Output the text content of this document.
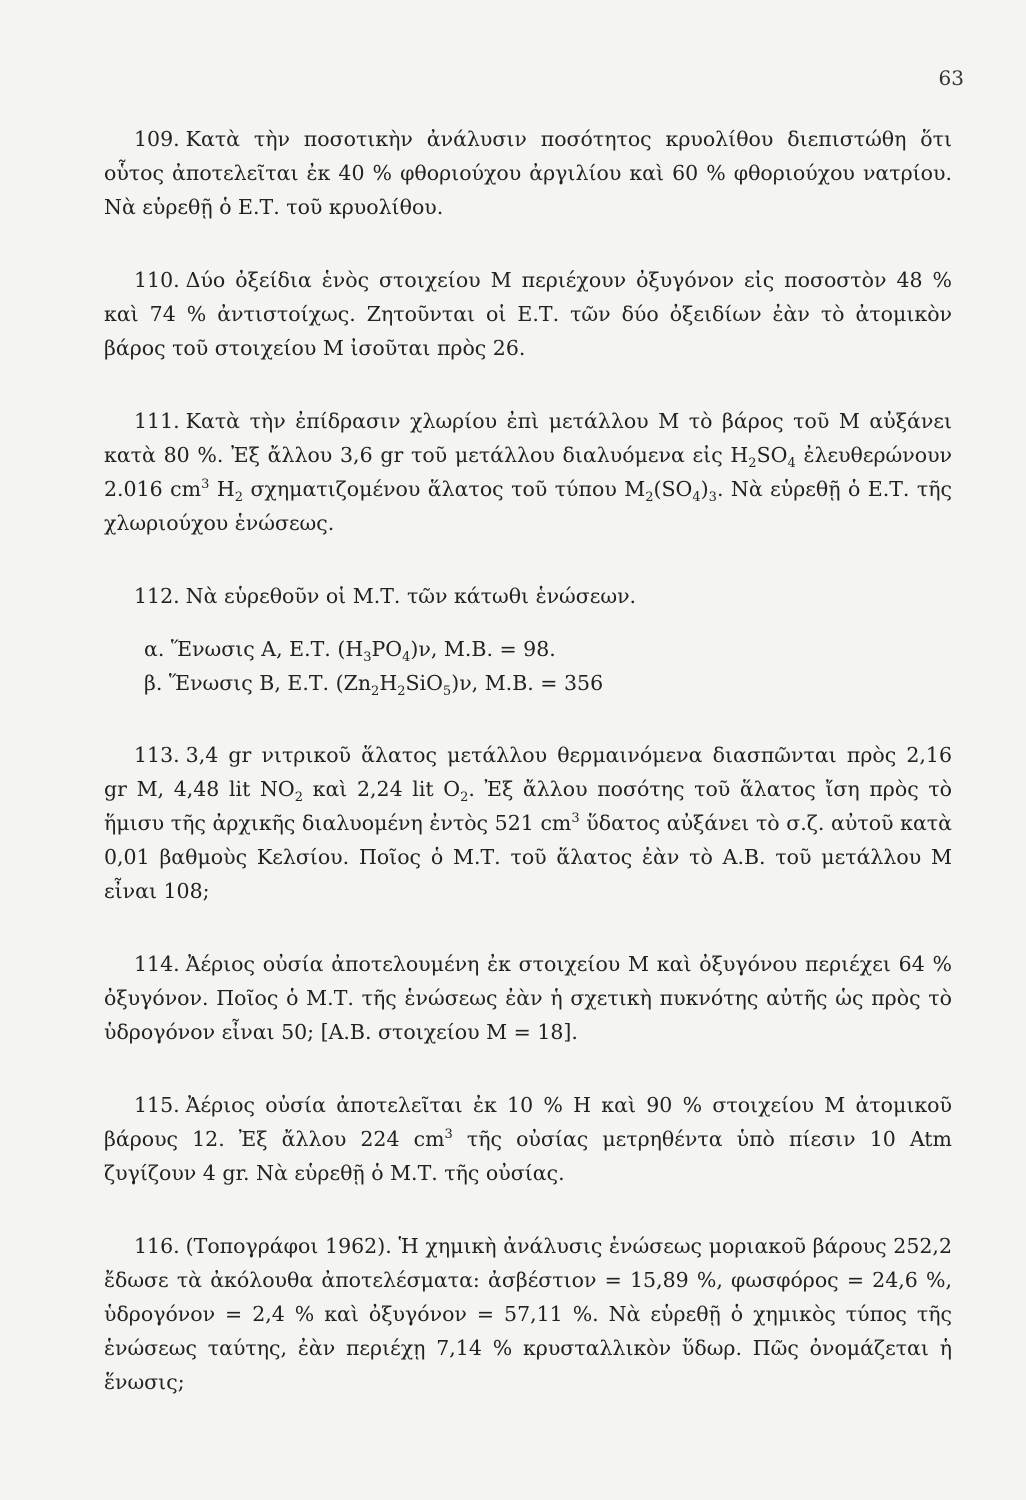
63

109. Κατὰ τὴν ποσοτικὴν ἀνάλυσιν ποσότητος κρυολίθου διεπιστώθη ὅτι οὗτος ἀποτελεῖται ἐκ 40 % φθοριούχου ἀργιλίου καὶ 60 % φθοριούχου νατρίου. Νὰ εὑρεθῇ ὁ Ε.Τ. τοῦ κρυολίθου.

110. Δύο ὀξείδια ἑνὸς στοιχείου Μ περιέχουν ὀξυγόνον εἰς ποσοστὸν 48 % καὶ 74 % ἀντιστοίχως. Ζητοῦνται οἱ Ε.Τ. τῶν δύο ὀξειδίων ἐὰν τὸ ἀτομικὸν βάρος τοῦ στοιχείου Μ ἰσοῦται πρὸς 26.

111. Κατὰ τὴν ἐπίδρασιν χλωρίου ἐπὶ μετάλλου Μ τὸ βάρος τοῦ Μ αὐξάνει κατὰ 80 %. Ἐξ ἄλλου 3,6 gr τοῦ μετάλλου διαλυόμενα εἰς $H_2SO_4$ ἐλευθερώνουν 2.016 $cm^3$ $H_2$ σχηματιζομένου ἅλατος τοῦ τύπου $M_2(SO_4)_3$. Νὰ εὑρεθῇ ὁ Ε.Τ. τῆς χλωριούχου ἑνώσεως.

112. Νὰ εὑρεθοῦν οἱ Μ.Τ. τῶν κάτωθι ἑνώσεων.

α. Ἕνωσις Α, Ε.Τ. $(H_3PO_4)\nu$, Μ.Β. = 98.
β. Ἕνωσις Β, Ε.Τ. $(Zn_2H_2SiO_5)\nu$, Μ.Β. = 356

113. 3,4 gr νιτρικοῦ ἅλατος μετάλλου θερμαινόμενα διασπῶνται πρὸς 2,16 gr M, 4,48 lit $NO_2$ καὶ 2,24 lit $O_2$. Ἐξ ἄλλου ποσότης τοῦ ἅλατος ἴση πρὸς τὸ ἥμισυ τῆς ἀρχικῆς διαλυομένη ἐντὸς 521 $cm^3$ ὕδατος αὐξάνει τὸ σ.ζ. αὐτοῦ κατὰ 0,01 βαθμοὺς Κελσίου. Ποῖος ὁ Μ.Τ. τοῦ ἅλατος ἐὰν τὸ Α.Β. τοῦ μετάλλου Μ εἶναι 108;

114. Ἀέριος οὐσία ἀποτελουμένη ἐκ στοιχείου Μ καὶ ὀξυγόνου περιέχει 64 % ὀξυγόνον. Ποῖος ὁ Μ.Τ. τῆς ἑνώσεως ἐὰν ἡ σχετικὴ πυκνότης αὐτῆς ὡς πρὸς τὸ ὑδρογόνον εἶναι 50; [Α.Β. στοιχείου Μ = 18].

115. Ἀέριος οὐσία ἀποτελεῖται ἐκ 10 % H καὶ 90 % στοιχείου Μ ἀτομικοῦ βάρους 12. Ἐξ ἄλλου 224 $cm^3$ τῆς οὐσίας μετρηθέντα ὑπὸ πίεσιν 10 Atm ζυγίζουν 4 gr. Νὰ εὑρεθῇ ὁ Μ.Τ. τῆς οὐσίας.

116. (Τοπογράφοι 1962). Ἡ χημικὴ ἀνάλυσις ἑνώσεως μοριακοῦ βάρους 252,2 ἔδωσε τὰ ἀκόλουθα ἀποτελέσματα: ἀσβέστιον = 15,89 %, φωσφόρος = 24,6 %, ὑδρογόνον = 2,4 % καὶ ὀξυγόνον = 57,11 %. Νὰ εὑρεθῇ ὁ χημικὸς τύπος τῆς ἑνώσεως ταύτης, ἐὰν περιέχῃ 7,14 % κρυσταλλικὸν ὕδωρ. Πῶς ὀνομάζεται ἡ ἕνωσις;
